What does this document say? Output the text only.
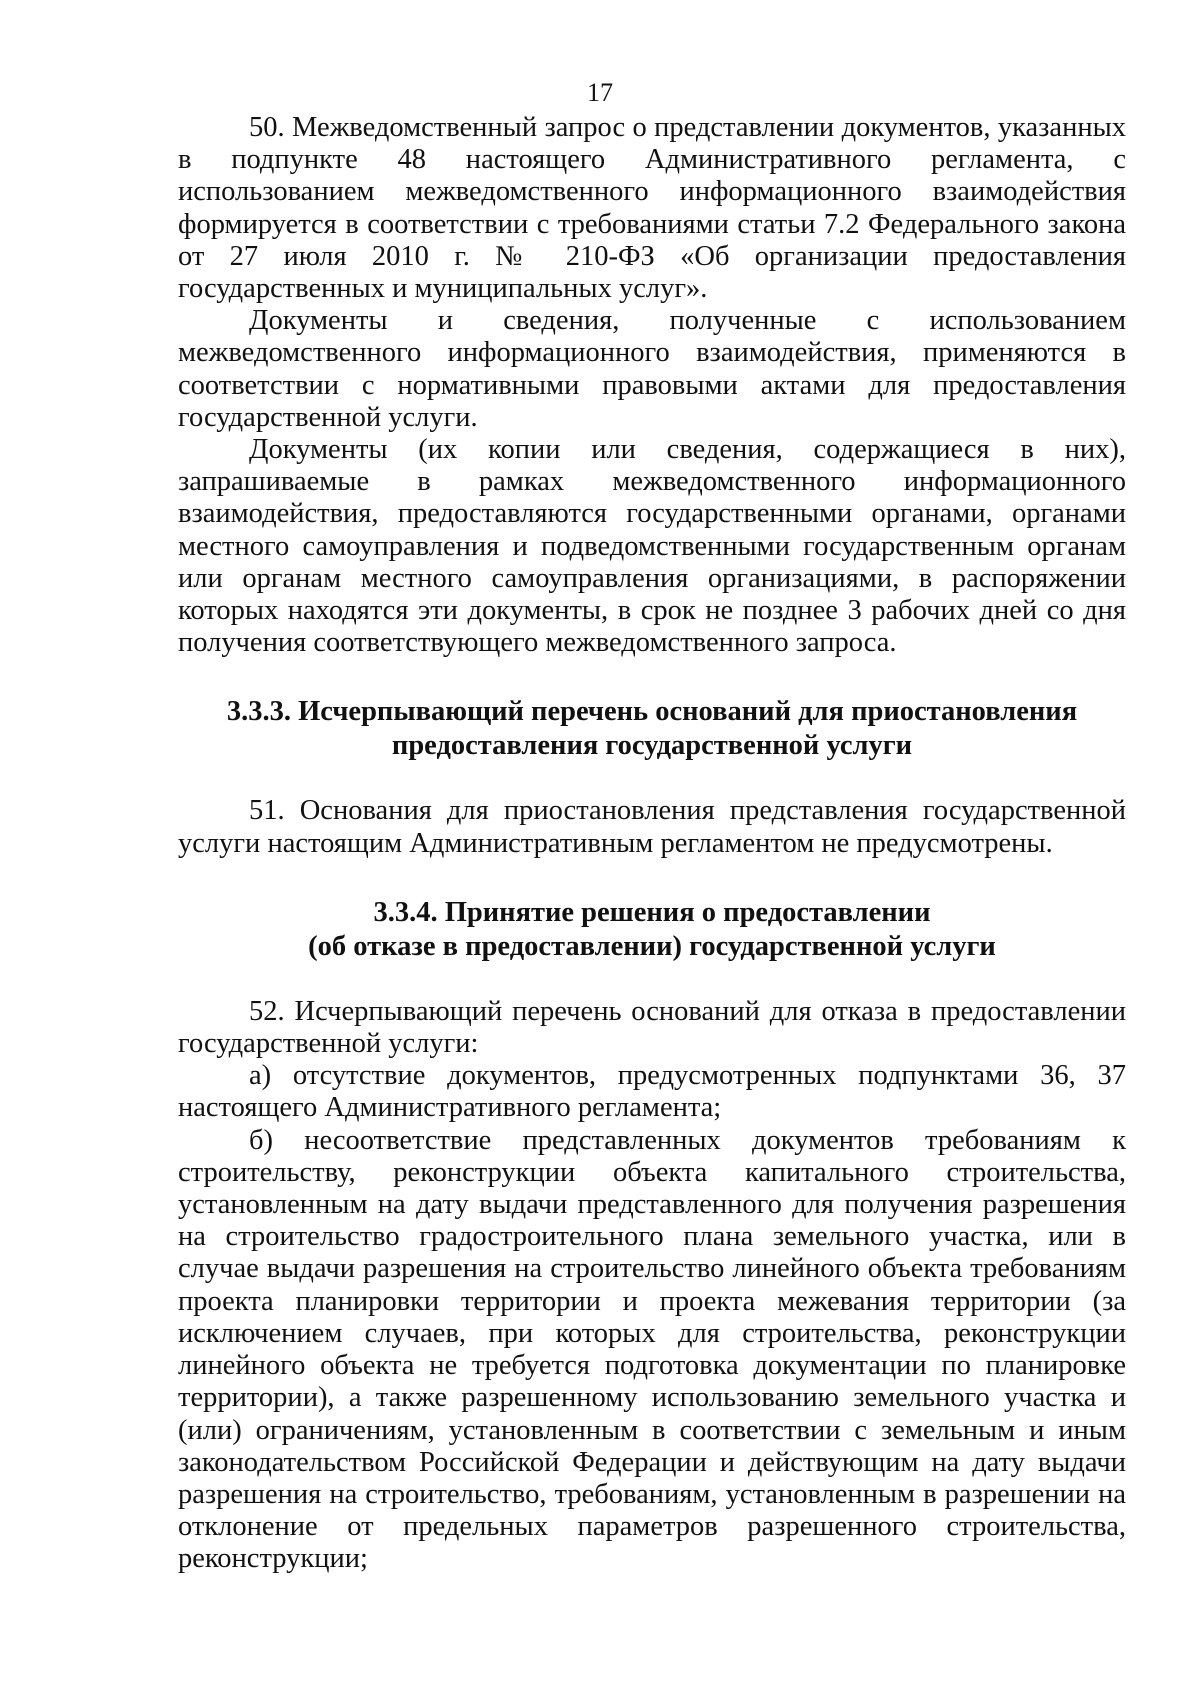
17

50. Межведомственный запрос о представлении документов, указанных в подпункте 48 настоящего Административного регламента, с использованием межведомственного информационного взаимодействия формируется в соответствии с требованиями статьи 7.2 Федерального закона от 27 июля 2010 г. № 210-ФЗ «Об организации предоставления государственных и муниципальных услуг».

Документы и сведения, полученные с использованием межведомственного информационного взаимодействия, применяются в соответствии с нормативными правовыми актами для предоставления государственной услуги.

Документы (их копии или сведения, содержащиеся в них), запрашиваемые в рамках межведомственного информационного взаимодействия, предоставляются государственными органами, органами местного самоуправления и подведомственными государственным органам или органам местного самоуправления организациями, в распоряжении которых находятся эти документы, в срок не позднее 3 рабочих дней со дня получения соответствующего межведомственного запроса.

3.3.3. Исчерпывающий перечень оснований для приостановления

предоставления государственной услуги

51. Основания для приостановления представления государственной услуги настоящим Административным регламентом не предусмотрены.

3.3.4. Принятие решения о предоставлении

(об отказе в предоставлении) государственной услуги

52. Исчерпывающий перечень оснований для отказа в предоставлении государственной услуги:

а) отсутствие документов, предусмотренных подпунктами 36, 37 настоящего Административного регламента;

б) несоответствие представленных документов требованиям к строительству, реконструкции объекта капитального строительства, установленным на дату выдачи представленного для получения разрешения на строительство градостроительного плана земельного участка, или в случае выдачи разрешения на строительство линейного объекта требованиям проекта планировки территории и проекта межевания территории (за исключением случаев, при которых для строительства, реконструкции линейного объекта не требуется подготовка документации по планировке территории), а также разрешенному использованию земельного участка и (или) ограничениям, установленным в соответствии с земельным и иным законодательством Российской Федерации и действующим на дату выдачи разрешения на строительство, требованиям, установленным в разрешении на отклонение от предельных параметров разрешенного строительства, реконструкции;
